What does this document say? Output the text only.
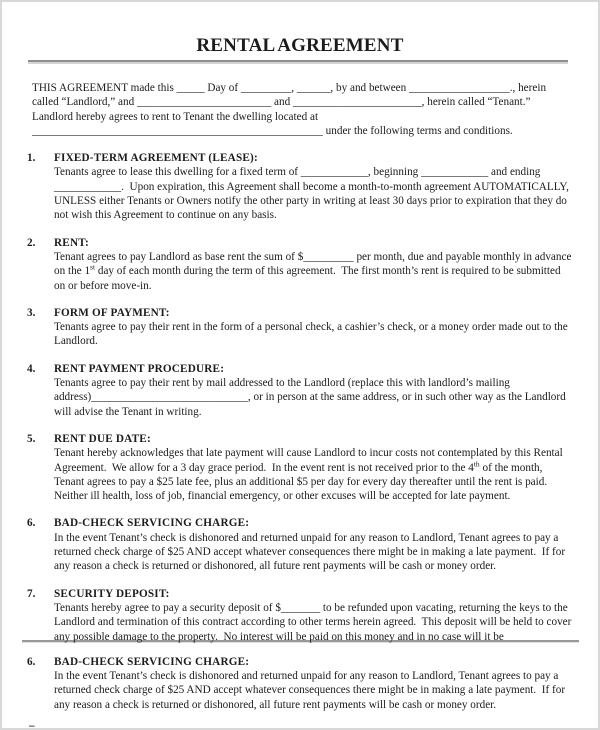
RENTAL AGREEMENT

THIS AGREEMENT made this _____ Day of _________, ______, by and between __________________., herein called “Landlord,” and ________________________ and _______________________, herein called “Tenant.”  Landlord hereby agrees to rent to Tenant the dwelling located at ____________________________________________________ under the following terms and conditions.

1. FIXED-TERM AGREEMENT (LEASE):
Tenants agree to lease this dwelling for a fixed term of ____________, beginning ____________ and ending ____________.  Upon expiration, this Agreement shall become a month-to-month agreement AUTOMATICALLY, UNLESS either Tenants or Owners notify the other party in writing at least 30 days prior to expiration that they do not wish this Agreement to continue on any basis.
2. RENT:
Tenant agrees to pay Landlord as base rent the sum of $_________ per month, due and payable monthly in advance on the 1st day of each month during the term of this agreement.  The first month’s rent is required to be submitted on or before move-in.
3. FORM OF PAYMENT:
Tenants agree to pay their rent in the form of a personal check, a cashier’s check, or a money order made out to the Landlord.
4. RENT PAYMENT PROCEDURE:
Tenants agree to pay their rent by mail addressed to the Landlord (replace this with landlord’s mailing address)____________________________, or in person at the same address, or in such other way as the Landlord will advise the Tenant in writing.
5. RENT DUE DATE:
Tenant hereby acknowledges that late payment will cause Landlord to incur costs not contemplated by this Rental Agreement.  We allow for a 3 day grace period.  In the event rent is not received prior to the 4th of the month, Tenant agrees to pay a $25 late fee, plus an additional $5 per day for every day thereafter until the rent is paid.  Neither ill health, loss of job, financial emergency, or other excuses will be accepted for late payment.
6. BAD-CHECK SERVICING CHARGE:
In the event Tenant’s check is dishonored and returned unpaid for any reason to Landlord, Tenant agrees to pay a returned check charge of $25 AND accept whatever consequences there might be in making a late payment.  If for any reason a check is returned or dishonored, all future rent payments will be cash or money order.
7. SECURITY DEPOSIT:
Tenants hereby agree to pay a security deposit of $_______ to be refunded upon vacating, returning the keys to the Landlord and termination of this contract according to other terms herein agreed.  This deposit will be held to cover any possible damage to the property.  No interest will be paid on this money and in no case will it be
6. BAD-CHECK SERVICING CHARGE:
In the event Tenant’s check is dishonored and returned unpaid for any reason to Landlord, Tenant agrees to pay a returned check charge of $25 AND accept whatever consequences there might be in making a late payment.  If for any reason a check is returned or dishonored, all future rent payments will be cash or money order.
–
